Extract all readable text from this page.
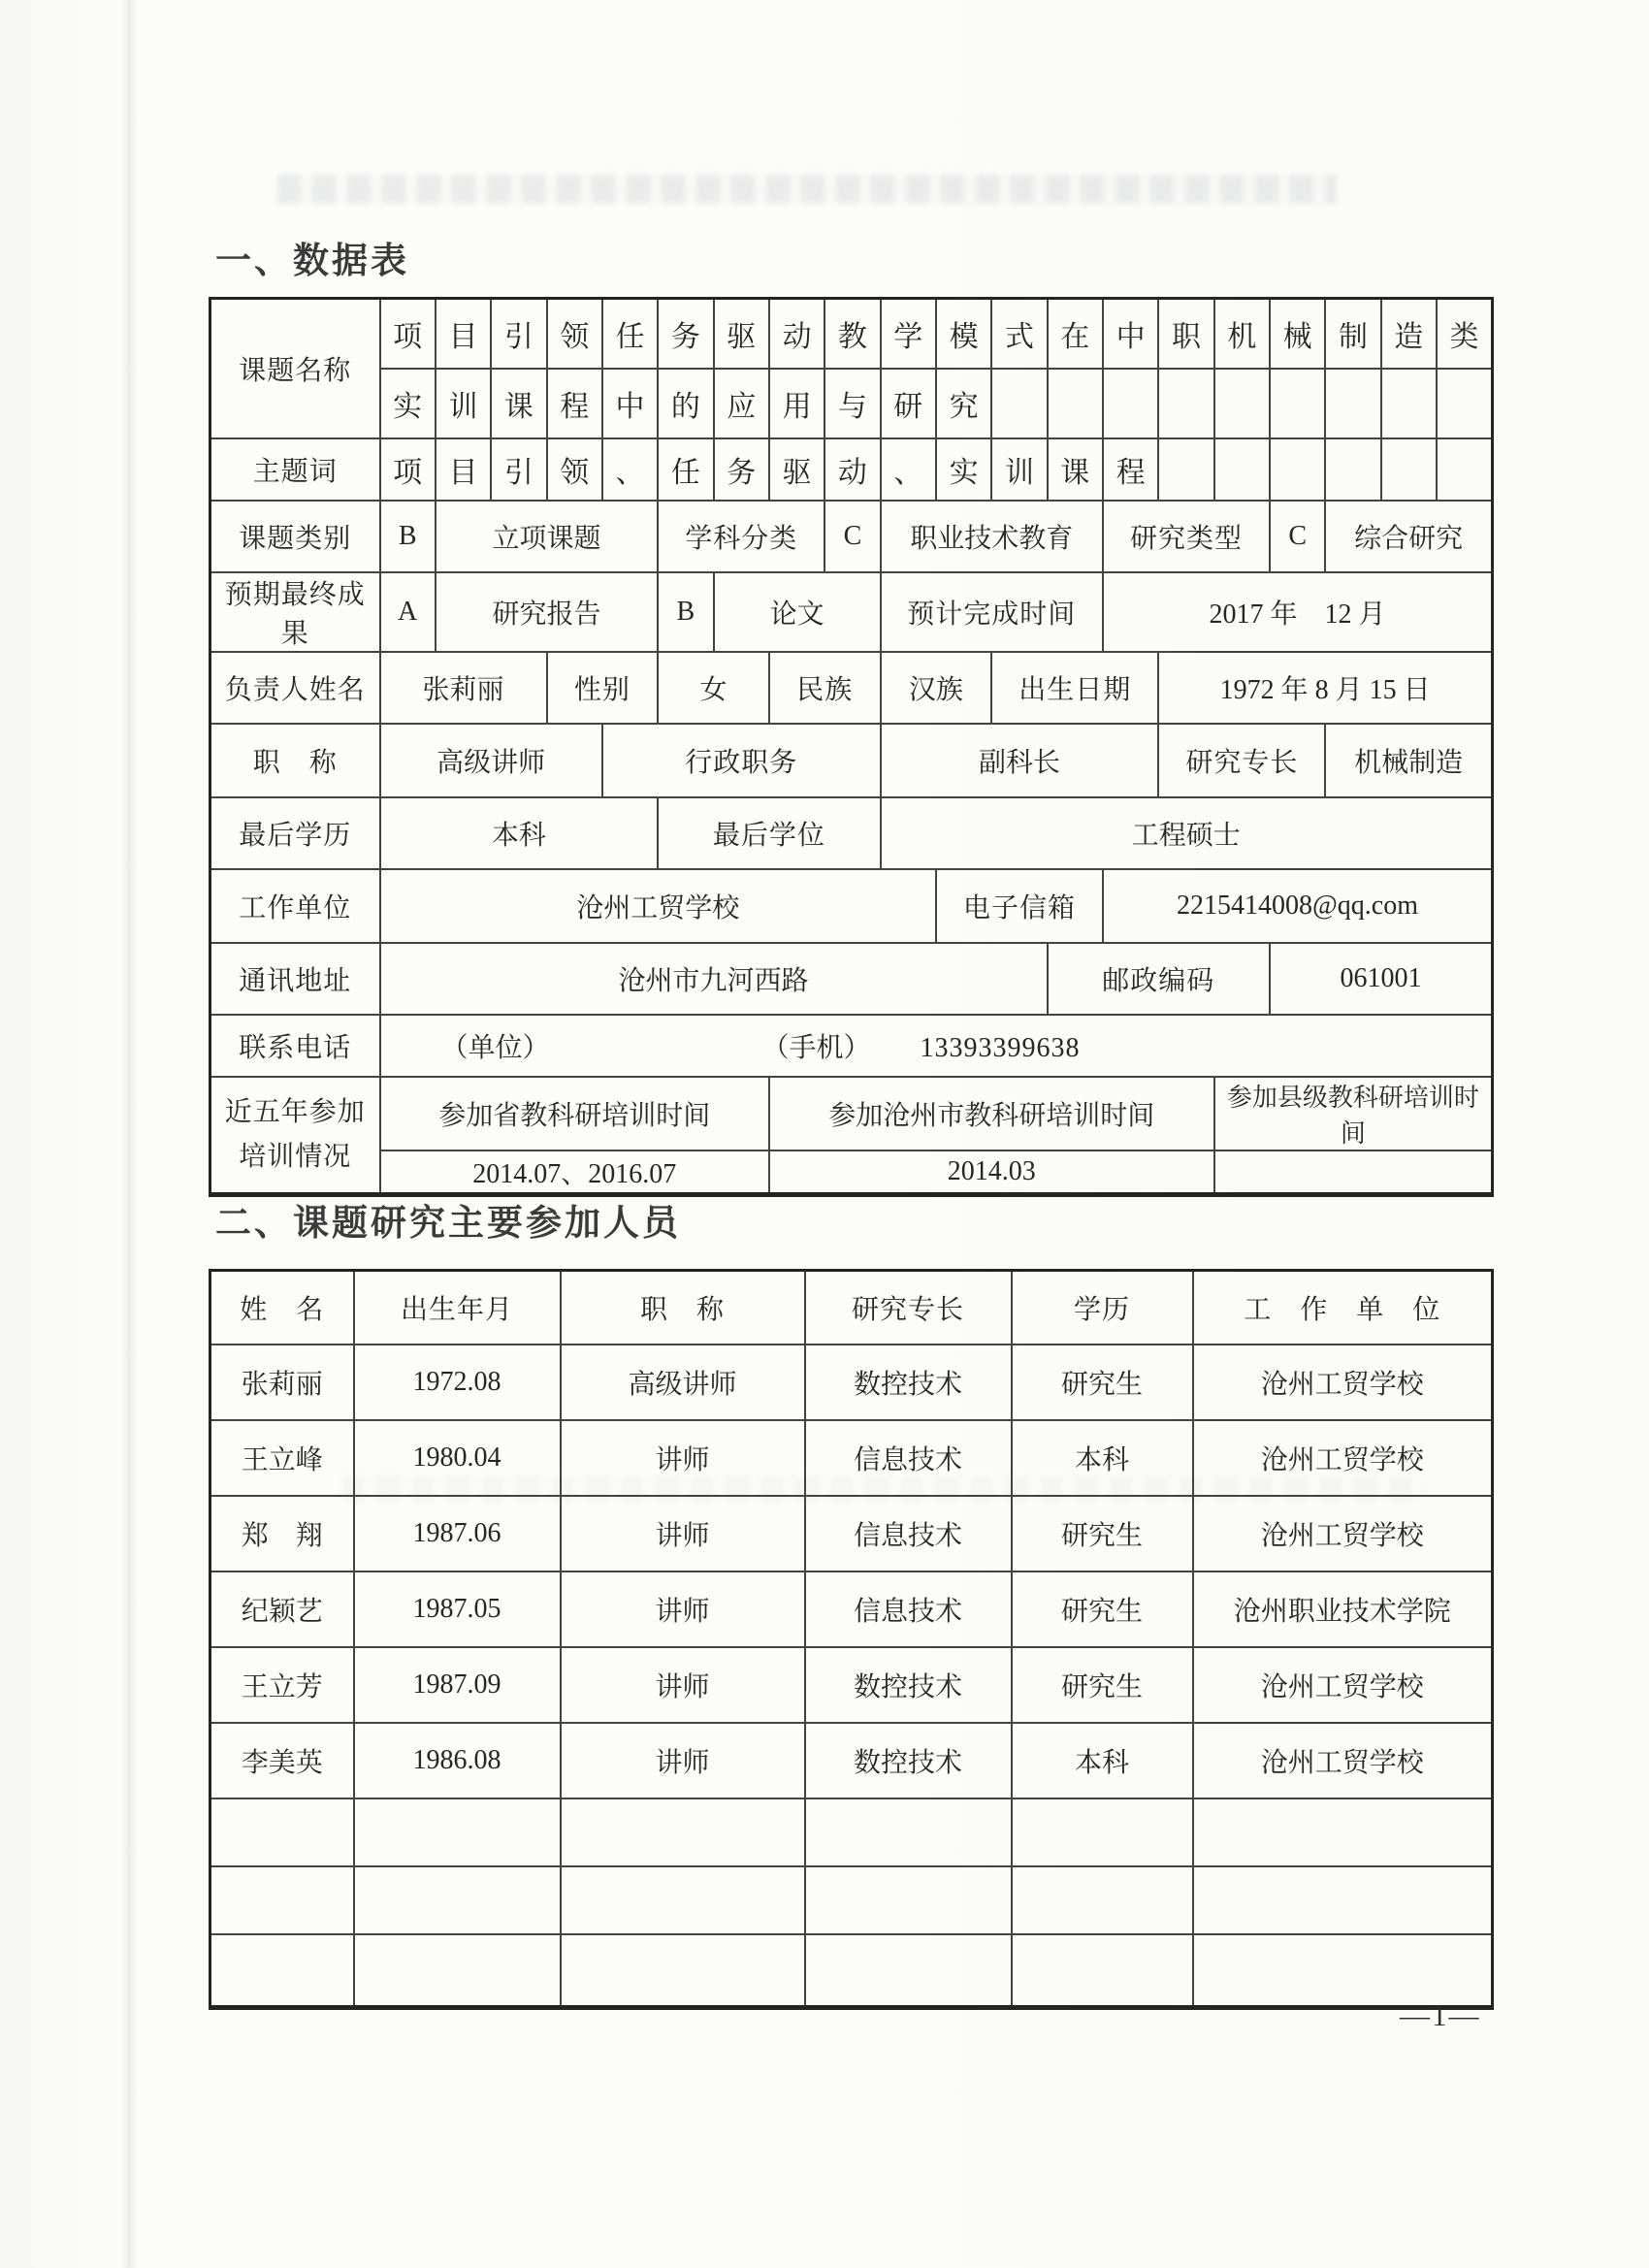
一、数据表
课题名称	项	目	引	领	任	务	驱	动	教	学	模	式	在	中	职	机	械	制	造	类
	实	训	课	程	中	的	应	用	与	研	究									
主题词	项	目	引	领	、	任	务	驱	动	、	实	训	课	程						
课题类别	B	立项课题				学科分类			C	职业技术教育				研究类型			C	综合研究		
预期最终成果	A	研究报告				B	论文			预计完成时间				2017 年　12 月						
负责人姓名	张莉丽			性别		女		民族		汉族		出生日期			1972 年 8 月 15 日					
职　称	高级讲师				行政职务					副科长					研究专长			机械制造		
最后学历	本科					最后学位				工程硕士										
工作单位	沧州工贸学校										电子信箱			2215414008@qq.com						
通讯地址	沧州市九河西路												邮政编码				061001			
联系电话	（单位） （手机） 13393399638																			

近五年参加
培训情况	参加省教科研培训时间							参加沧州市教科研培训时间								参加县级教科研培训时间				
	2014.07、2016.07							2014.03												
二、课题研究主要参加人员
姓　名	出生年月	职　称	研究专长	学历	工　作　单　位
张莉丽	1972.08	高级讲师	数控技术	研究生	沧州工贸学校
王立峰	1980.04	讲师	信息技术	本科	沧州工贸学校
郑　翔	1987.06	讲师	信息技术	研究生	沧州工贸学校
纪颖艺	1987.05	讲师	信息技术	研究生	沧州职业技术学院
王立芳	1987.09	讲师	数控技术	研究生	沧州工贸学校
李美英	1986.08	讲师	数控技术	本科	沧州工贸学校

—1—
